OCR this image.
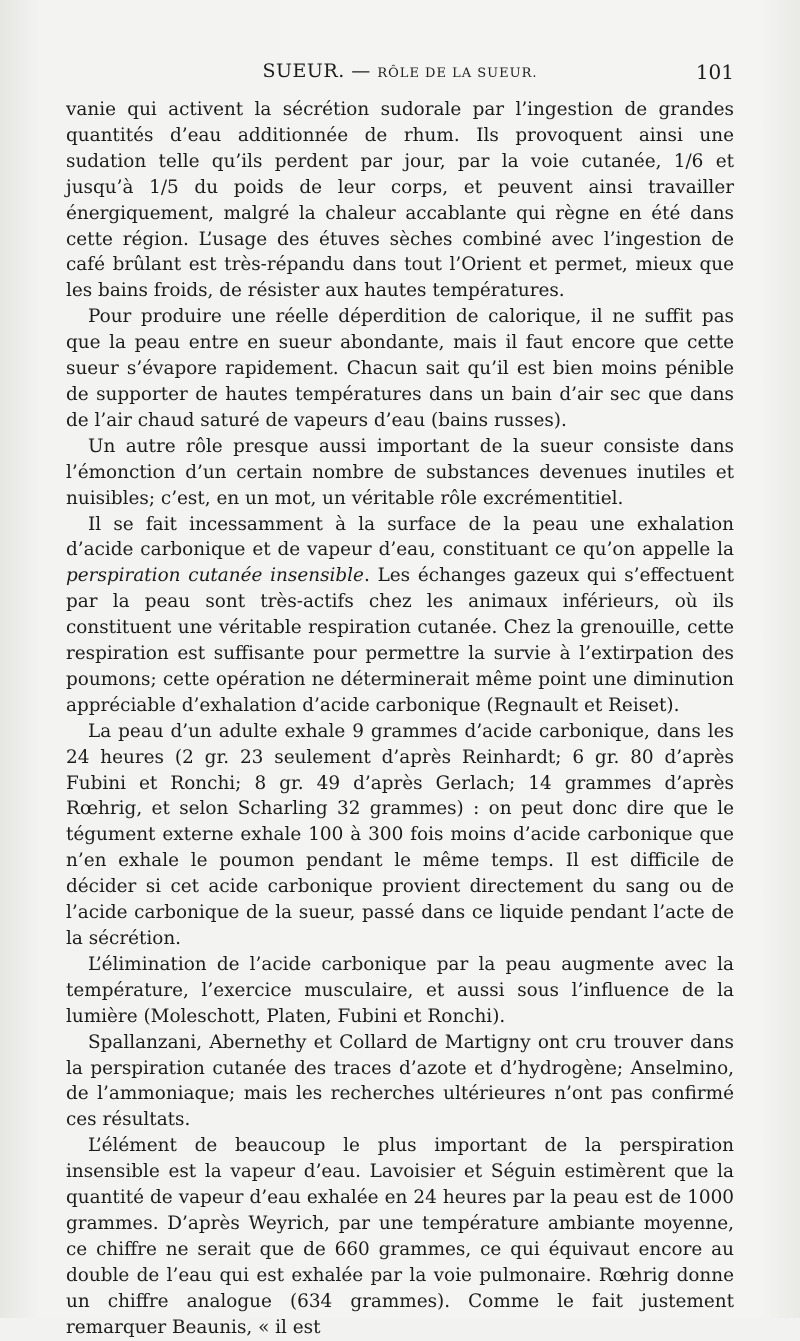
SUEUR. — RÔLE DE LA SUEUR.	101

vanie qui activent la sécrétion sudorale par l’ingestion de grandes quantités d’eau additionnée de rhum. Ils provoquent ainsi une sudation telle qu’ils perdent par jour, par la voie cutanée, 1/6 et jusqu’à 1/5 du poids de leur corps, et peuvent ainsi travailler énergiquement, malgré la chaleur accablante qui règne en été dans cette région. L’usage des étuves sèches combiné avec l’ingestion de café brûlant est très-répandu dans tout l’Orient et permet, mieux que les bains froids, de résister aux hautes températures.

Pour produire une réelle déperdition de calorique, il ne suffit pas que la peau entre en sueur abondante, mais il faut encore que cette sueur s’évapore rapidement. Chacun sait qu’il est bien moins pénible de supporter de hautes températures dans un bain d’air sec que dans de l’air chaud saturé de vapeurs d’eau (bains russes).

Un autre rôle presque aussi important de la sueur consiste dans l’émonction d’un certain nombre de substances devenues inutiles et nuisibles; c’est, en un mot, un véritable rôle excrémentitiel.

Il se fait incessamment à la surface de la peau une exhalation d’acide carbonique et de vapeur d’eau, constituant ce qu’on appelle la perspiration cutanée insensible. Les échanges gazeux qui s’effectuent par la peau sont très-actifs chez les animaux inférieurs, où ils constituent une véritable respiration cutanée. Chez la grenouille, cette respiration est suffisante pour permettre la survie à l’extirpation des poumons; cette opération ne déterminerait même point une diminution appréciable d’exhalation d’acide carbonique (Regnault et Reiset).

La peau d’un adulte exhale 9 grammes d’acide carbonique, dans les 24 heures (2 gr. 23 seulement d’après Reinhardt; 6 gr. 80 d’après Fubini et Ronchi; 8 gr. 49 d’après Gerlach; 14 grammes d’après Rœhrig, et selon Scharling 32 grammes) : on peut donc dire que le tégument externe exhale 100 à 300 fois moins d’acide carbonique que n’en exhale le poumon pendant le même temps. Il est difficile de décider si cet acide carbonique provient directement du sang ou de l’acide carbonique de la sueur, passé dans ce liquide pendant l’acte de la sécrétion.

L’élimination de l’acide carbonique par la peau augmente avec la température, l’exercice musculaire, et aussi sous l’influence de la lumière (Moleschott, Platen, Fubini et Ronchi).

Spallanzani, Abernethy et Collard de Martigny ont cru trouver dans la perspiration cutanée des traces d’azote et d’hydrogène; Anselmino, de l’ammoniaque; mais les recherches ultérieures n’ont pas confirmé ces résultats.

L’élément de beaucoup le plus important de la perspiration insensible est la vapeur d’eau. Lavoisier et Séguin estimèrent que la quantité de vapeur d’eau exhalée en 24 heures par la peau est de 1000 grammes. D’après Weyrich, par une température ambiante moyenne, ce chiffre ne serait que de 660 grammes, ce qui équivaut encore au double de l’eau qui est exhalée par la voie pulmonaire. Rœhrig donne un chiffre analogue (634 grammes). Comme le fait justement remarquer Beaunis, « il est
